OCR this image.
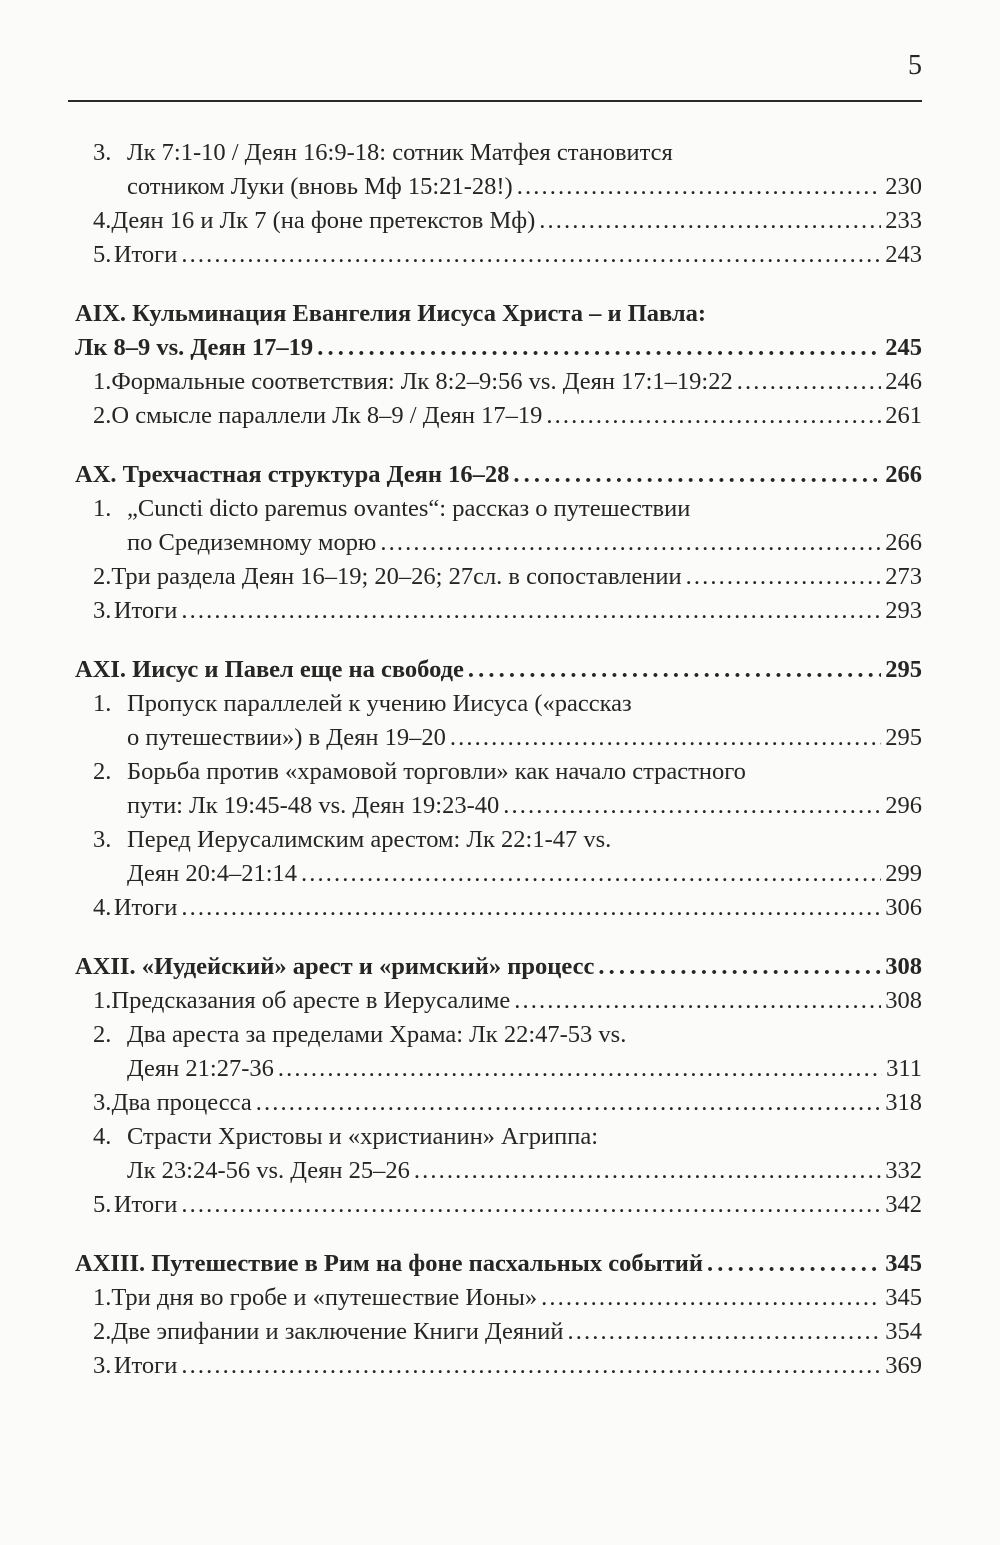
5
3. Лк 7:1-10 / Деян 16:9-18: сотник Матфея становится
сотником Луки (вновь Мф 15:21-28!) . . .	230
4. Деян 16 и Лк 7 (на фоне претекстов Мф) . . .	233
5. Итоги . . .	243
AIX. Кульминация Евангелия Иисуса Христа – и Павла:
Лк 8–9 vs. Деян 17–19 . . .	245
1. Формальные соответствия: Лк 8:2–9:56 vs. Деян 17:1–19:22 . . .	246
2. О смысле параллели Лк 8–9 / Деян 17–19 . . .	261
AX. Трехчастная структура Деян 16–28 . . .	266
1. „Cuncti dicto paremus ovantes“: рассказ о путешествии
по Средиземному морю . . .	266
2. Три раздела Деян 16–19; 20–26; 27сл. в сопоставлении . . .	273
3. Итоги . . .	293
AXI. Иисус и Павел еще на свободе . . .	295
1. Пропуск параллелей к учению Иисуса («рассказ
о путешествии») в Деян 19–20 . . .	295
2. Борьба против «храмовой торговли» как начало страстного
пути: Лк 19:45-48 vs. Деян 19:23-40 . . .	296
3. Перед Иерусалимским арестом: Лк 22:1-47 vs.
Деян 20:4–21:14 . . .	299
4. Итоги . . .	306
AXII. «Иудейский» арест и «римский» процесс . . .	308
1. Предсказания об аресте в Иерусалиме . . .	308
2. Два ареста за пределами Храма: Лк 22:47-53 vs.
Деян 21:27-36 . . .	311
3. Два процесса . . .	318
4. Страсти Христовы и «христианин» Агриппа:
Лк 23:24-56 vs. Деян 25–26 . . .	332
5. Итоги . . .	342
AXIII. Путешествие в Рим на фоне пасхальных событий . . .	345
1. Три дня во гробе и «путешествие Ионы» . . .	345
2. Две эпифании и заключение Книги Деяний . . .	354
3. Итоги . . .	369
